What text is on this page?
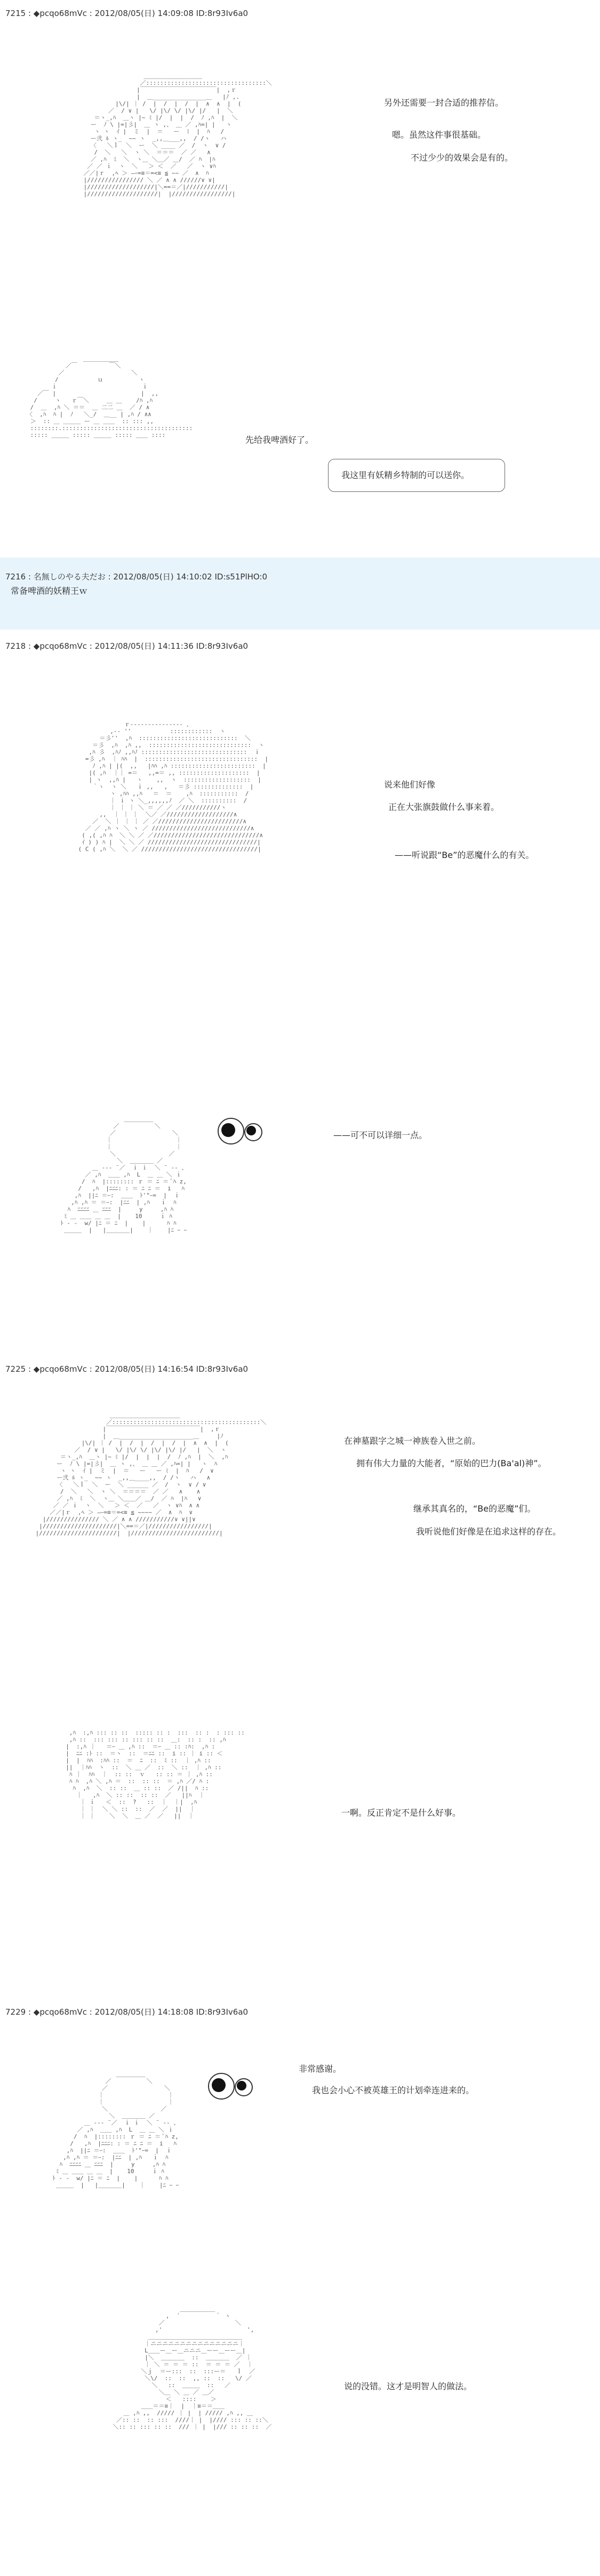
7215 : ◆pcqo68mVc : 2012/08/05(日) 14:09:08 ID:8r93Iv6a0
＿＿＿＿＿＿＿＿＿＿
／::::::::::::::::::::::::::::::::::＼
|￣￣￣￣￣￣￣￣￣￣￣￣￣|  ,ｒ
|  ＿_______________＿   |ﾉ ,.
|\/| ｜ /  |  /  |  /  |  ∧  ∧  |  (
／  / ∨ |   \/ |\/ \/ |\/ |/   |  ＼
＝ヽ_,ﾊ  ＿ヽ |~ ﾐ |/  |  |  /  ﾉ ,ﾊ  |  ＼
ー  ﾉ \ |=|彡|  ＿ ヽ ,、 ＿ ／ ,ﾊ=| |   ヽ
ヽ ヽ  ｲ |  ミ  |  ＝   ー  ﾐ  |  ﾊ   /
ー弐 ﾙ ヽ_  ~~ ヽ  _,,＿___,,  / /ヽ   ハ
〈   ＼ｌ  ＼  ー  ＼ ____ ／  /  ヽ  ∨ /
/  ＼   ＼  ヽ ＼  ＝＝＝  ／ ／   ∧
／ ,ﾊ  ﾐ  ＼  ヽ＿ ＼＿／ ＿/  ／ ﾊ  |ﾊ
／ ／ ｉ  ヽ  ＼   ＞ ＜  ／   ／  ヽ ∨ﾊ
／／|ｒ  ,ﾍ ＞ ―ｰ=≡＝=<≡ ≦ ~~ ／  ∧  ﾊ
|//////////////// ＼ ／ ∧ ∧ //////∨ ∨|
|///////////////////|＼==＝／|///////////|
|////////////////////|  |/////////////////|

另外还需要一封合适的推荐信。
嗯。虽然这件事很基础。
不过少少的效果会是有的。
＿＿＿＿＿＿
／￣         ￣＼
／                   ＼
/           ｕ          ヽ
ｉ                        ｉ
／￣ |                        |  ,,
/     ヽ   ｒ￣＼     ＿ ＿    /ﾊ ,ﾊ
/  ＿  ,ﾊ ＼ ＝＝  ＿ 二二 ＿  ／ / ∧
〈  ,ﾊ  ﾊ |  ﾉ   ＼_/  ＿__ | ,ﾊ / ∧∧
＞  :: ＿ ＿＿＿ ー ＿ ＿＿  :: ::: ,,
::::::::.:::::::::::::::::::::::::::::::::::::
::::: ＿＿＿ ::::: ＿＿＿ ::::: ＿＿ ::::	先给我啤酒好了。
我这里有妖精乡特制的可以送你。
7216 : 名無しのやる夫だお : 2012/08/05(日) 14:10:02 ID:s51PlHO:0
常备啤酒的妖精王ｗ
7218 : ◆pcqo68mVc : 2012/08/05(日) 14:11:36 ID:8r93Iv6a0
ｒ‐‐‐‐‐‐‐‐‐‐‐‐‐‐‐ 、
,-‐ ''           ::::::::::::  ヽ
＝彡''  ,ﾊ  ::::::::::::::::::::::::::::  ＼
＝彡  ,ﾊ  ,ﾊ ,,  :::::::::::::::::::::::::::::  ヽ
,ﾊ 彡  ,ﾊﾉ ,,ﾊﾉ ::::::::::::::::::::::::::::::  ｉ
=彡 ,ﾊ  ｜ ﾊﾊ  |  ::::::::::::::::::::::::::::::::  |
ﾉ ,ﾊ | |(  ,,   |ﾊﾊ ,ﾊ ::::::::::::::::::::::::  |
|( ,ﾊ  ｜｜ =＝   ,,=＝ ,, ::::::::::::::::::::  |
| ヽ  ,,ﾊ |   ヽ    ,,  ヽ  :::::::::::::::::::  |
｀ヽ  ヽ ＼   ｉ ,,   ,   ＝彡 ::::::::::::::  |
ヽ ,ﾊﾊ ,,ﾊ   ＝  ＝    ,ﾊ  :::::::::::  /
｜ ｉ ヽ ＼_,,,,,,ﾉ  ／ ＼  ::::::::::  /
｜ ｜ ｜ ＼ ＝ ／ ／ ／///////////ヽ
,,  ｜ ｜ ｜  ＼／ ／///////////////////∧
／  ＼ ｜ ｜ ｜ ／ ／////////////////////////∧
／ ／ ,ﾊ ヽ ＼ ヽ ／ ////////////////////////////∧
( ,( ,ﾊ ﾊ  ＼ ＼ ／ ／//////////////////////////////∧
ｲ ) ) ﾊ |  ＼ ＼ ／ ///////////////////////////////|
( C ( ,ﾊ ＼  ＼ ／ /////////////////////////////////|

说来他们好像
正在大张旗鼓做什么事来着。
——听说跟“Be”的恶魔什么的有关。
＿＿＿＿＿
／          ＼
／                ＼
｜                  ｜
｜                  ｜
＼               ／
＼  ＿＿＿＿ ／
＿ -‐‐ ¨／  ｉ ｉ  ＼ ¨ ‐‐ 、
／ ,ﾊ  ＿＿ ,ﾊ  L  ＿ ＿ ＼ ｉ
/  ﾊ  |:::::::: ｒ ＝ ﾆ ＝ ﾞﾊ z,
/   ,ﾊ  |ﾆﾆﾆ: : ＝ ﾆ ﾆ ＝  i   ﾊ
,ﾊ  ||ﾆ ＝ｰ:  ＿＿  ﾄ'"ｰ=  |  ｉ
,ﾊ ,ﾊ ＝ ＝ｰ:  |ﾆﾆ  | ,ﾊ   ｉ  ﾊ
ﾊ  ﾆﾆﾆﾆ ＿ ﾆﾆﾆ  |     y     ,ﾊ ﾊ
ﾐ ＿ ＿＿ ＿ ＿  |    10     ｉ ﾊ
ﾄ ‐ ‐  w/ |ﾆ ＝ ﾆ  |    |      ﾊ ﾊ
＿＿＿  |   |＿＿＿＿|    ｜    |ﾆ ｰ ｰ

——可不可以详细一点。
7225 : ◆pcqo68mVc : 2012/08/05(日) 14:16:54 ID:8r93Iv6a0
＿＿＿＿＿＿＿＿＿＿＿＿
／::::::::::::::::::::::::::::::::::::::::::＼
|￣￣￣￣￣￣￣￣￣￣￣￣￣￣￣￣|  ,ｒ
|  ＿_____________________＿     |ﾉ
|\/| ｜ /  |  /  |  /  |  /  |  ∧  ∧  |  (
／  / ∨ |   \/ |\/ \/ |\/ |\/ |/   |  ＼  ヽ
＝ヽ_,ﾊ  ＿ヽ |~ ﾐ |/  |  |  |  /  ﾉ ,ﾊ  |  ＼  ,ﾊ
ー  ﾉ \ |=|彡|  ＿ ヽ ,、 ＿ ＿ ／ ,ﾊ=| |   ヽ  ﾊ
ヽ ヽ  ｲ |  ミ  |  ＝   ー   ー ﾐ  |  ﾊ   /  ∨
ー弐 ﾙ ヽ_  ~~ ヽ  _,,＿____,,  / /ヽ   ハ   ∧
〈   ＼ｌ  ＼  ー  ＼ ______ ／  /  ヽ  ∨ / ∨
/  ＼   ＼  ヽ ＼  ＝＝＝＝  ／ ／   ∧    ∧
／ ,ﾊ  ﾐ  ＼  ヽ＿ ＼＿＿／ ＿/  ／ ﾊ  |ﾊ   ∨
／ ／ ｉ  ヽ  ＼   ＞ ＜  ／   ／  ヽ ∨ﾊ  ∧ ∧
／／|ｒ  ,ﾍ ＞ ―ｰ=≡＝=<≡ ≦ ~~~~ ／  ∧  ﾊ  ∨
|/////////////// ＼ ／ ∧ ∧ ///////////∨ ∨||∨
|/////////////////////|＼==＝／|/////////////////|
|//////////////////////|  |/////////////////////////|

在神墓跟字之城一神族卷入世之前。
拥有伟大力量的大能者，“原始的巴力(Ba'al)神”。
继承其真名的，“Be的恶魔”们。
我听说他们好像是在追求这样的存在。
,ﾊ  :,ﾊ ::: :: ::  ::::: :: :  :::  :: :  : ::: ::
,ﾊ ::  ::: ::: :: ::: :: ::  ＿:  :: :  :: ,ﾊ
|  :,ﾊ ｜   ＝ｰ ＿ ,ﾊ ::  ＝ｰ ＿ :: :ﾊ:  ,ﾊ :
|  ﾆﾆ :ﾄ ::  ＝ヽ  ::  ＝ﾆﾆ ::  i :: ｜ i :: ＜
|  |  ﾊﾊ  :ﾊﾊ ::  ＝  ﾆ  ::  ﾐ ::  ｜ ,ﾊ ::
||  ｜ﾊﾊ  ヽ  ::  ＼ ＿ ／  ::  ＼ ::  ｜ ,ﾊ ::
ﾊ ｜  ﾊﾊ  ｜  :: ::  ｖ   :: :: ＝ ｜ ,ﾊ ::
ﾊ ﾊ  ,ﾊ ＼ ,ﾊ ＝  ::  :: ::  ＝ ,ﾊ ／/ ﾊ :
ﾊ  ,ﾊ  ＼  :: ::  ＿ :: ::  ／ /||  ﾊ ::
｜   ,ﾊ  ＼ :: ::  :: ::  ／   ||ﾊ  ｜
｜ ｉ   ＜  ::  ?   ::  ｜  ｜|  ,ﾊ
｜ ｜  ＼ ＼ ::  ::  ／  ／  ||  ｜
｜ ｜    ＼  ＼  ＿ ／  ／   ||  ｜	一啊。反正肯定不是什么好事。
7229 : ◆pcqo68mVc : 2012/08/05(日) 14:18:08 ID:8r93Iv6a0
＿＿＿＿＿
／          ＼
／                ＼
｜                  ｜
｜                  ｜
＼               ／
＼  ＿＿＿＿ ／
＿ -‐‐ ¨／  ｉ ｉ  ＼ ¨ ‐‐ 、
／ ,ﾊ  ＿＿ ,ﾊ  L  ＿ ＿ ＼ ｉ
/  ﾊ  |:::::::: ｒ ＝ ﾆ ＝ ﾞﾊ z,
/   ,ﾊ  |ﾆﾆﾆ: : ＝ ﾆ ﾆ ＝  i   ﾊ
,ﾊ  ||ﾆ ＝ｰ:  ＿＿  ﾄ'"ｰ=  |  ｉ
,ﾊ ,ﾊ ＝ ＝ｰ:  |ﾆﾆ  | ,ﾊ   ｉ  ﾊ
ﾊ  ﾆﾆﾆﾆ ＿ ﾆﾆﾆ  |     y     ,ﾊ ﾊ
ﾐ ＿ ＿＿ ＿ ＿  |    10     ｉ ﾊ
ﾄ ‐ ‐  w/ |ﾆ ＝ ﾆ  |    |      ﾊ ﾊ
＿＿＿  |   |＿＿＿＿|    ｜    |ﾆ ｰ ｰ

非常感谢。
我也会小心不被英雄王的计划牵连进来的。
＿＿＿＿＿＿
,  ´          ｀ ヽ
／                    ＼
,'                        ',
＿＿＿＿＿＿＿＿＿＿＿＿＿＿＿＿
｜ニニニニニニニニニニニニニニニ｜
L＿＿ー＿ー＿ニニニ＿ーー＿ーー＿|
|＼  ＿＿＿＿  ::  ＿＿＿＿  ／ ｜
｜ ＼ ＝ ＝ ＝ ::  ＝ ＝ ＝ ／  ｜
＼ｊ  ＝ー:::  ::  :::ー＝   ｌ  ／
＼\/  ::  ::  ,, ::  ::   \/ ／
＼   ::  ＿＿＿  ::   ／
＼＿ ＼ ＿ ／ ＿／
＜   ::::    ＞
＿＿＝＝≡｜  |  ｜≡＝＝＿＿
＿ ,ﾊ ,,  ///// ｜ |  | ///// ,ﾊ ,, ＿
／:: ::  :: :::  ////｜ |  |//// ::: :: ::＼
＼:: :: ::: :: ::  /// ｜ |  |/// :: :: ::  ／

说的没错。这才是明智人的做法。
